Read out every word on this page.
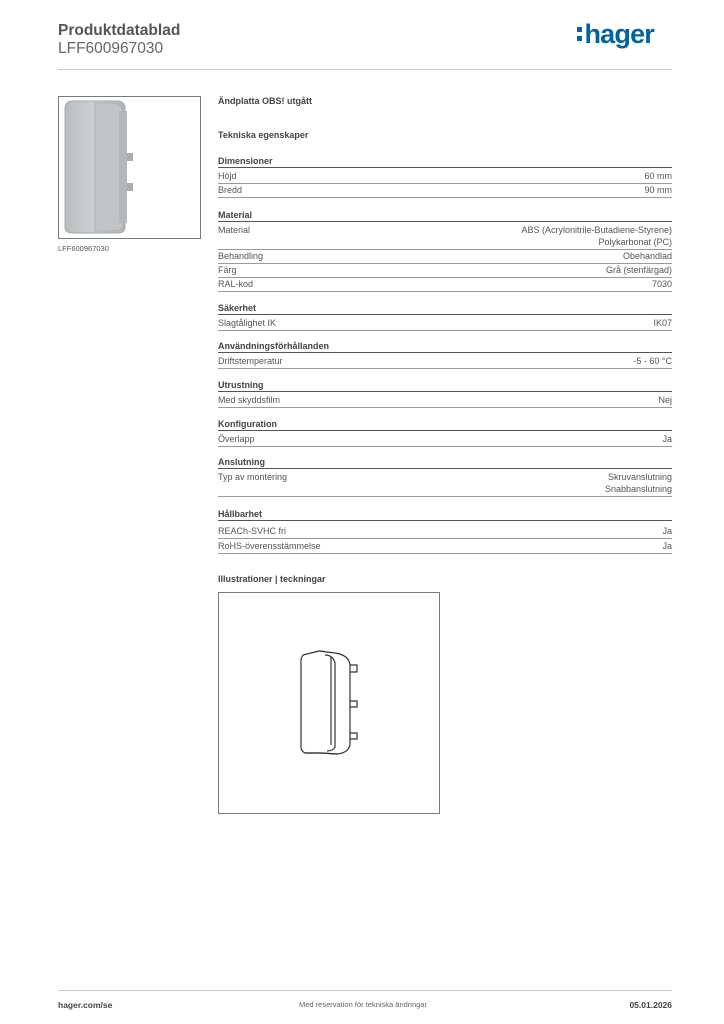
Produktdatablad
LFF600967030	hager
LFF600967030
Ändplatta OBS! utgått
Tekniska egenskaper
Dimensioner
Höjd	60 mm
Bredd	90 mm
Material
Material	ABS (Acrylonitrile-Butadiene-Styrene)
Polykarbonat (PC)
Behandling	Obehandlad
Färg	Grå (stenfärgad)
RAL-kod	7030
Säkerhet
Slagtålighet IK	IK07
Användningsförhållanden
Driftstemperatur	-5 - 60 °C
Utrustning
Med skyddsfilm	Nej
Konfiguration
Överlapp	Ja
Anslutning
Typ av montering	Skruvanslutning
Snabbanslutning
Hållbarhet
REACh-SVHC fri	Ja
RoHS-överensstämmelse	Ja
Illustrationer | teckningar
hager.com/se	Med reservation för tekniska ändringar	05.01.2026
